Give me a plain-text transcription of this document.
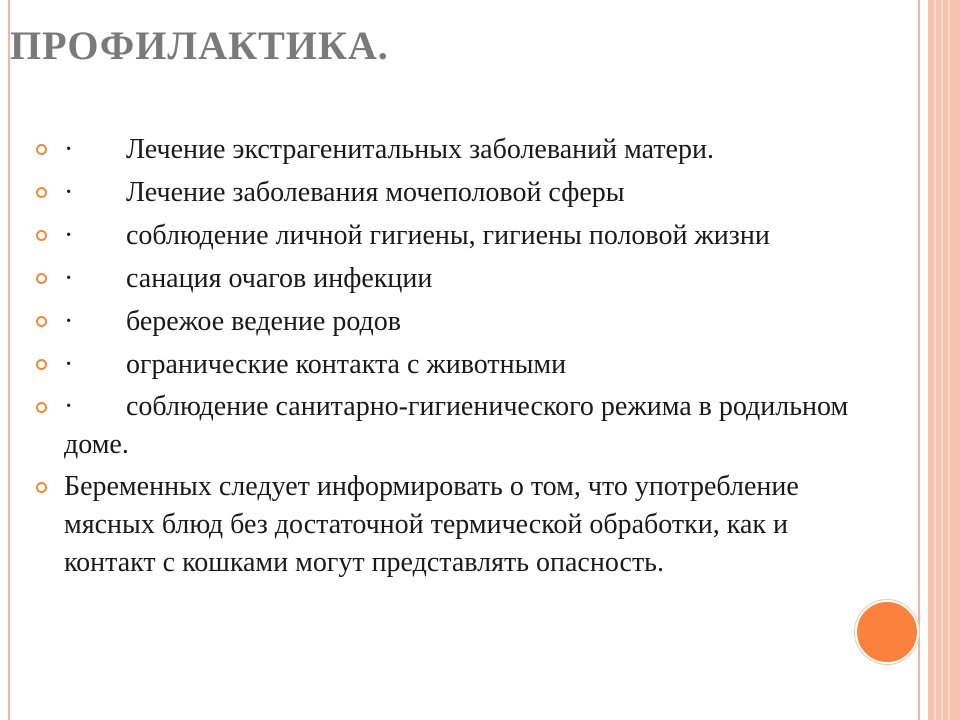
ПРОФИЛАКТИКА.
· Лечение экстрагенитальных заболеваний матери.
· Лечение заболевания мочеполовой сферы
· соблюдение личной гигиены, гигиены половой жизни
· санация очагов инфекции
· бережое ведение родов
· огранические контакта с животными
· соблюдение санитарно-гигиенического режима в родильном доме.
Беременных следует информировать о том, что употребление мясных блюд без достаточной термической обработки, как и контакт с кошками могут представлять опасность.
